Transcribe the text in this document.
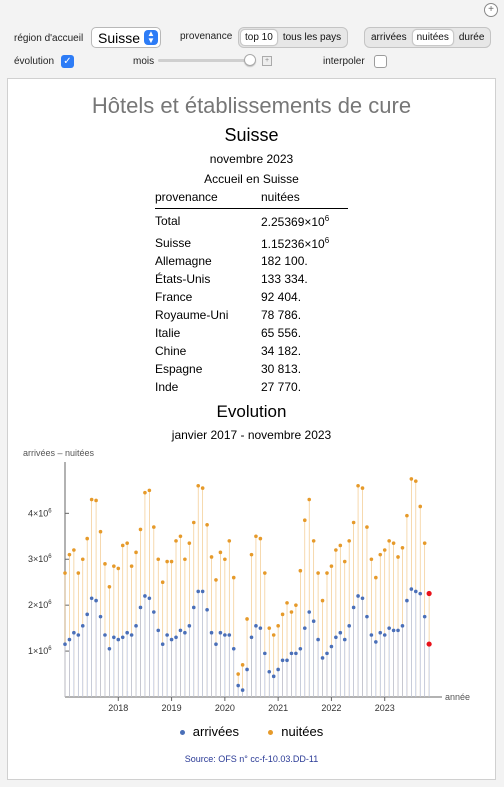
+
région d'accueil Suisse ▲
▼	provenance	top 10	tous les pays	arrivées	nuitées	durée
évolution ✓	mois	+	interpoler
Hôtels et établissements de cure
Suisse
novembre 2023
Accueil en Suisse
provenance	nuitées
Total	$2.25369\times 10^6$
Suisse	$1.15236\times 10^6$
Allemagne	182 100.
États-Unis	133 334.
France	92 404.
Royaume-Uni	78 786.
Italie	65 556.
Chine	34 182.
Espagne	30 813.
Inde	27 770.
Evolution
janvier 2017 - novembre 2023
arrivées – nuitées
année
$1\times 10^6$
$2\times 10^6$
$3\times 10^6$
$4\times 10^6$
2018	2019	2020	2021	2022	2023
arrivées	nuitées
Source: OFS n° cc-f-10.03.DD-11
